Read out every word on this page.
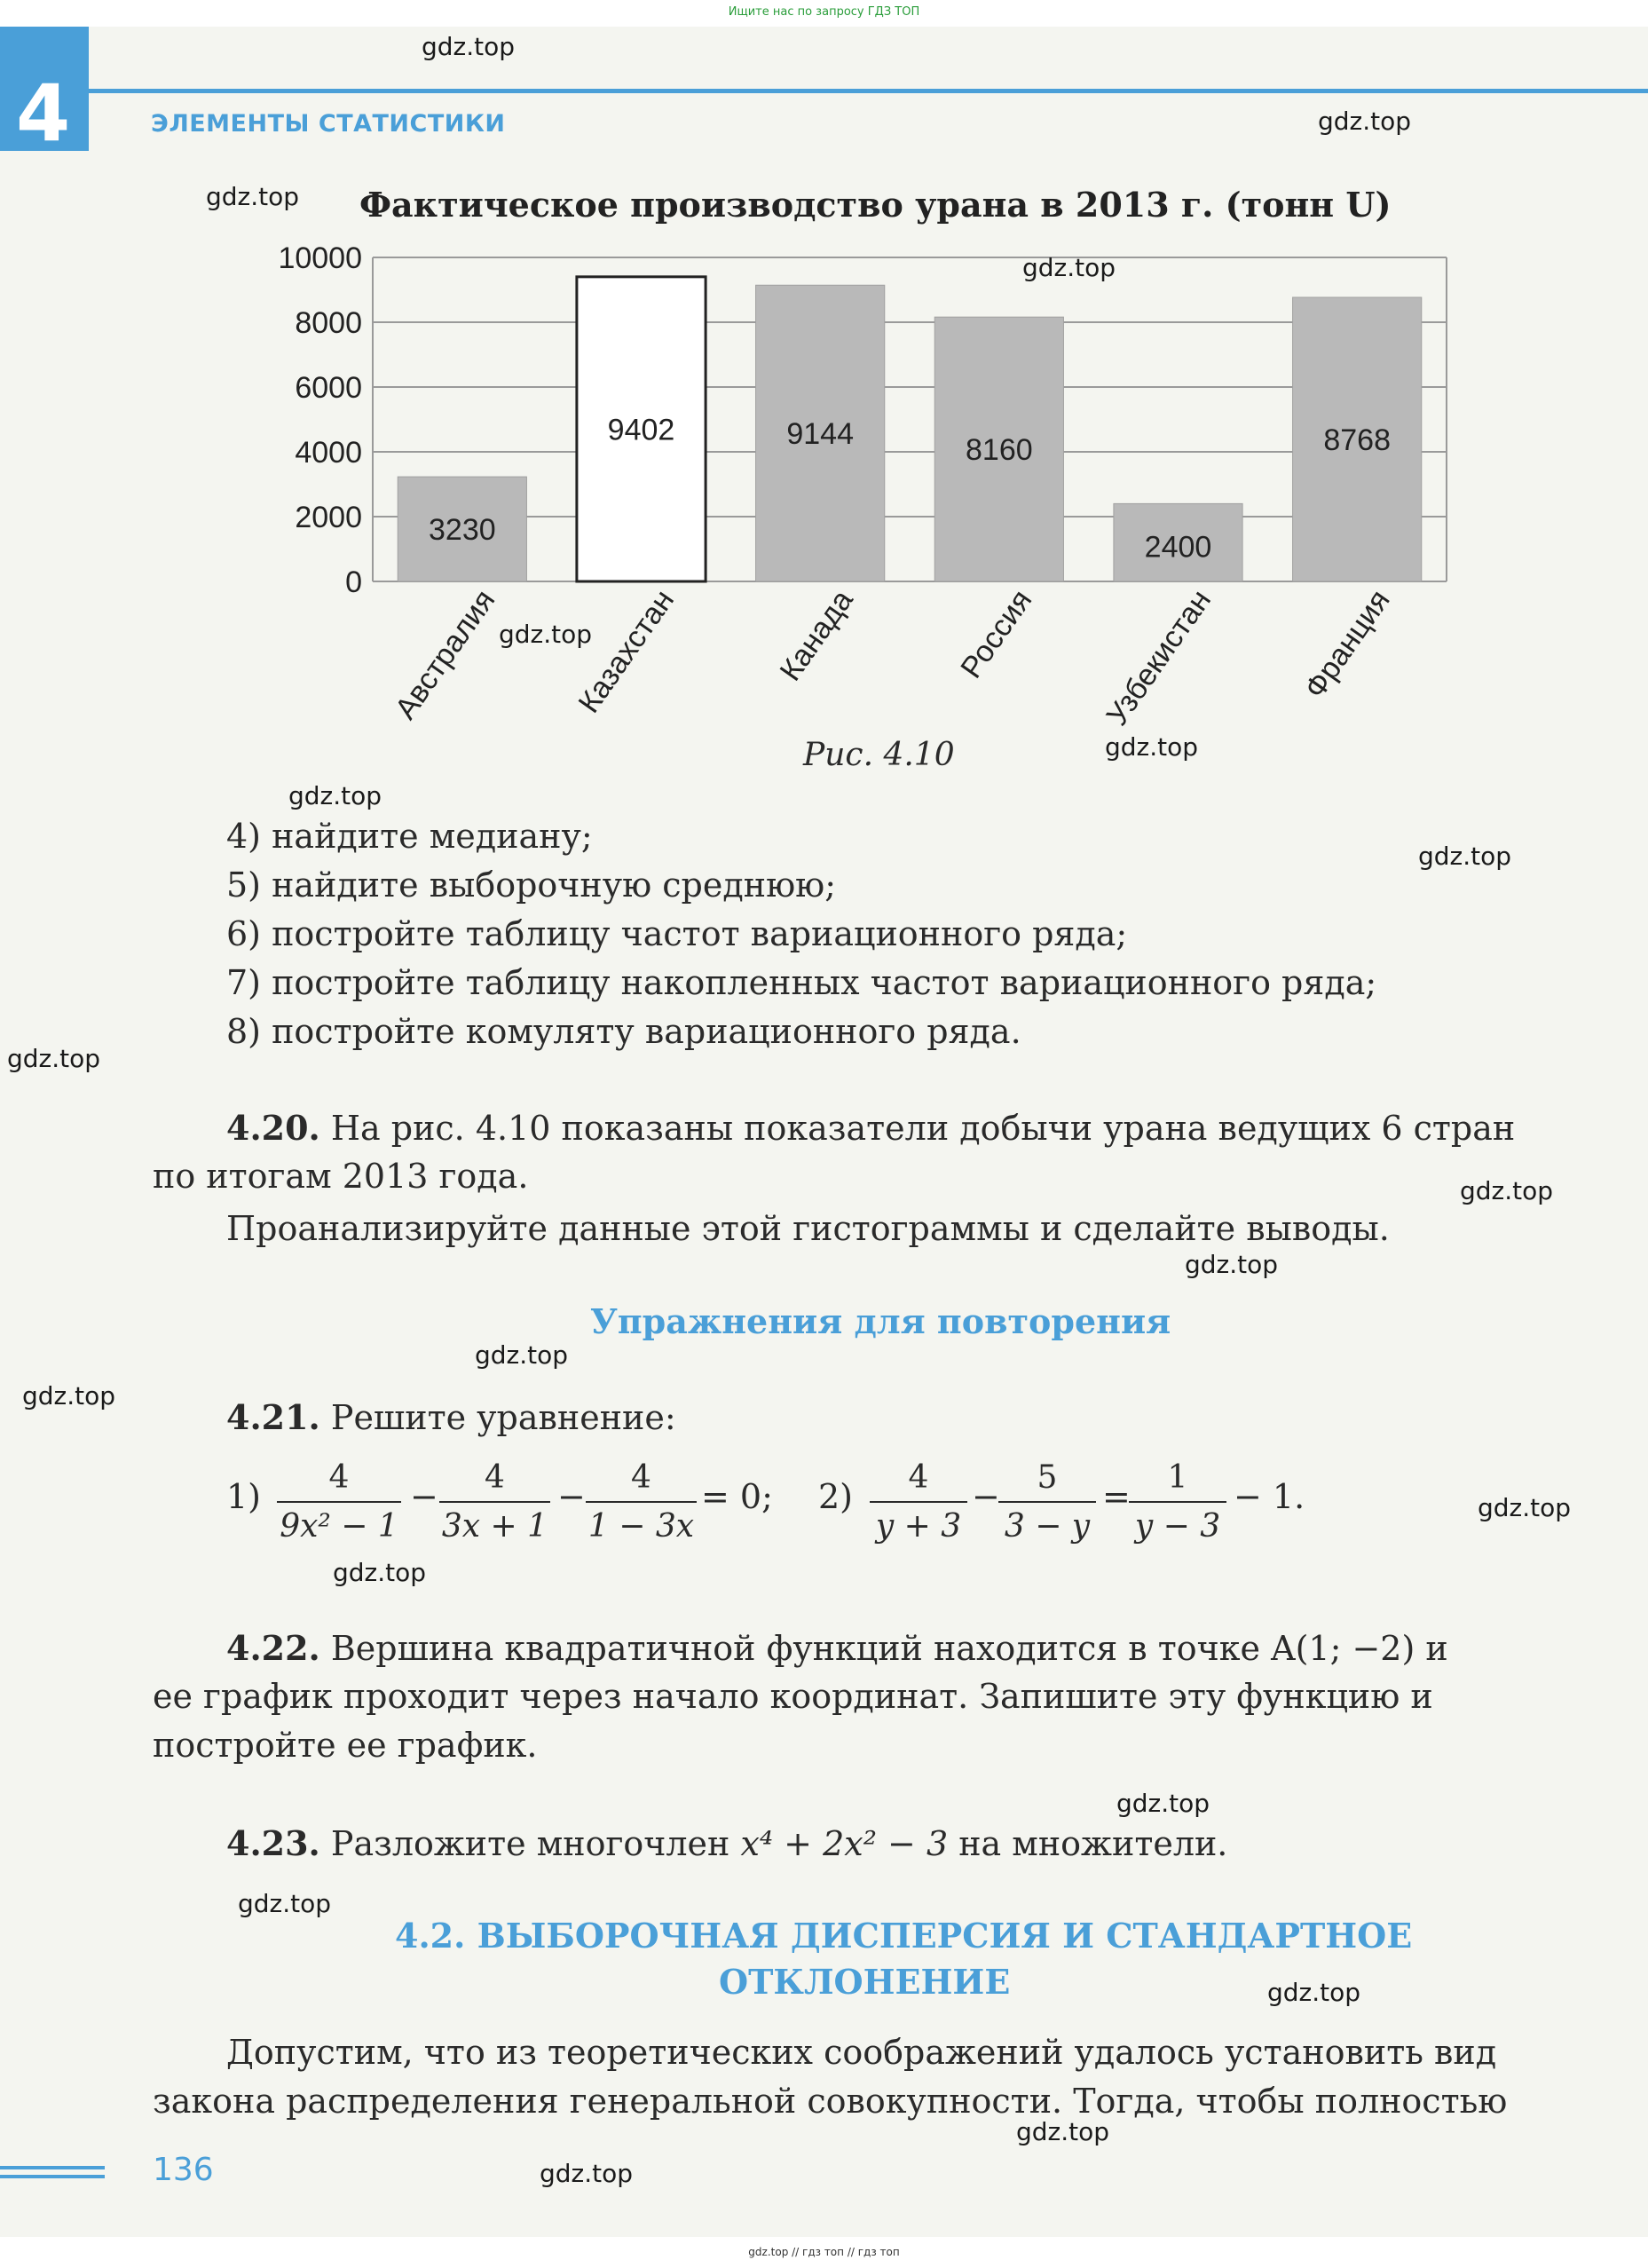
Ищите нас по запросу ГДЗ ТОП
4	ЭЛЕМЕНТЫ СТАТИСТИКИ
Фактическое производство урана в 2013 г. (тонн U)
0
2000
4000
6000
8000
10000
3230
Австралия
9402
Казахстан
9144
Канада
8160
Россия
2400
Узбекистан
8768
Франция
Рис. 4.10
4) найдите медиану;
5) найдите выборочную среднюю;
6) постройте таблицу частот вариационного ряда;
7) постройте таблицу накопленных частот вариационного ряда;
8) постройте комуляту вариационного ряда.
4.20. На рис. 4.10 показаны показатели добычи урана ведущих 6 стран
по итогам 2013 года.
Проанализируйте данные этой гистограммы и сделайте выводы.
Упражнения для повторения
4.21. Решите уравнение:
1)	4
9x² − 1
−	4
3x + 1
−	4
1 − 3x
= 0; 2)	4
y + 3
−	5
3 − y
=	1
y − 3
− 1.
4.22. Вершина квадратичной функций находится в точке A(1; −2) и
ее график проходит через начало координат. Запишите эту функцию и
постройте ее график.
4.23. Разложите многочлен x⁴ + 2x² − 3 на множители.
4.2. ВЫБОРОЧНАЯ ДИСПЕРСИЯ И СТАНДАРТНОЕ
ОТКЛОНЕНИЕ
Допустим, что из теоретических соображений удалось установить вид
закона распределения генеральной совокупности. Тогда, чтобы полностью
136
gdz.top // гдз топ // гдз топ
gdz.top
gdz.top
gdz.top
gdz.top
gdz.top
gdz.top
gdz.top
gdz.top
gdz.top
gdz.top
gdz.top
gdz.top
gdz.top
gdz.top
gdz.top
gdz.top
gdz.top
gdz.top
gdz.top
gdz.top
